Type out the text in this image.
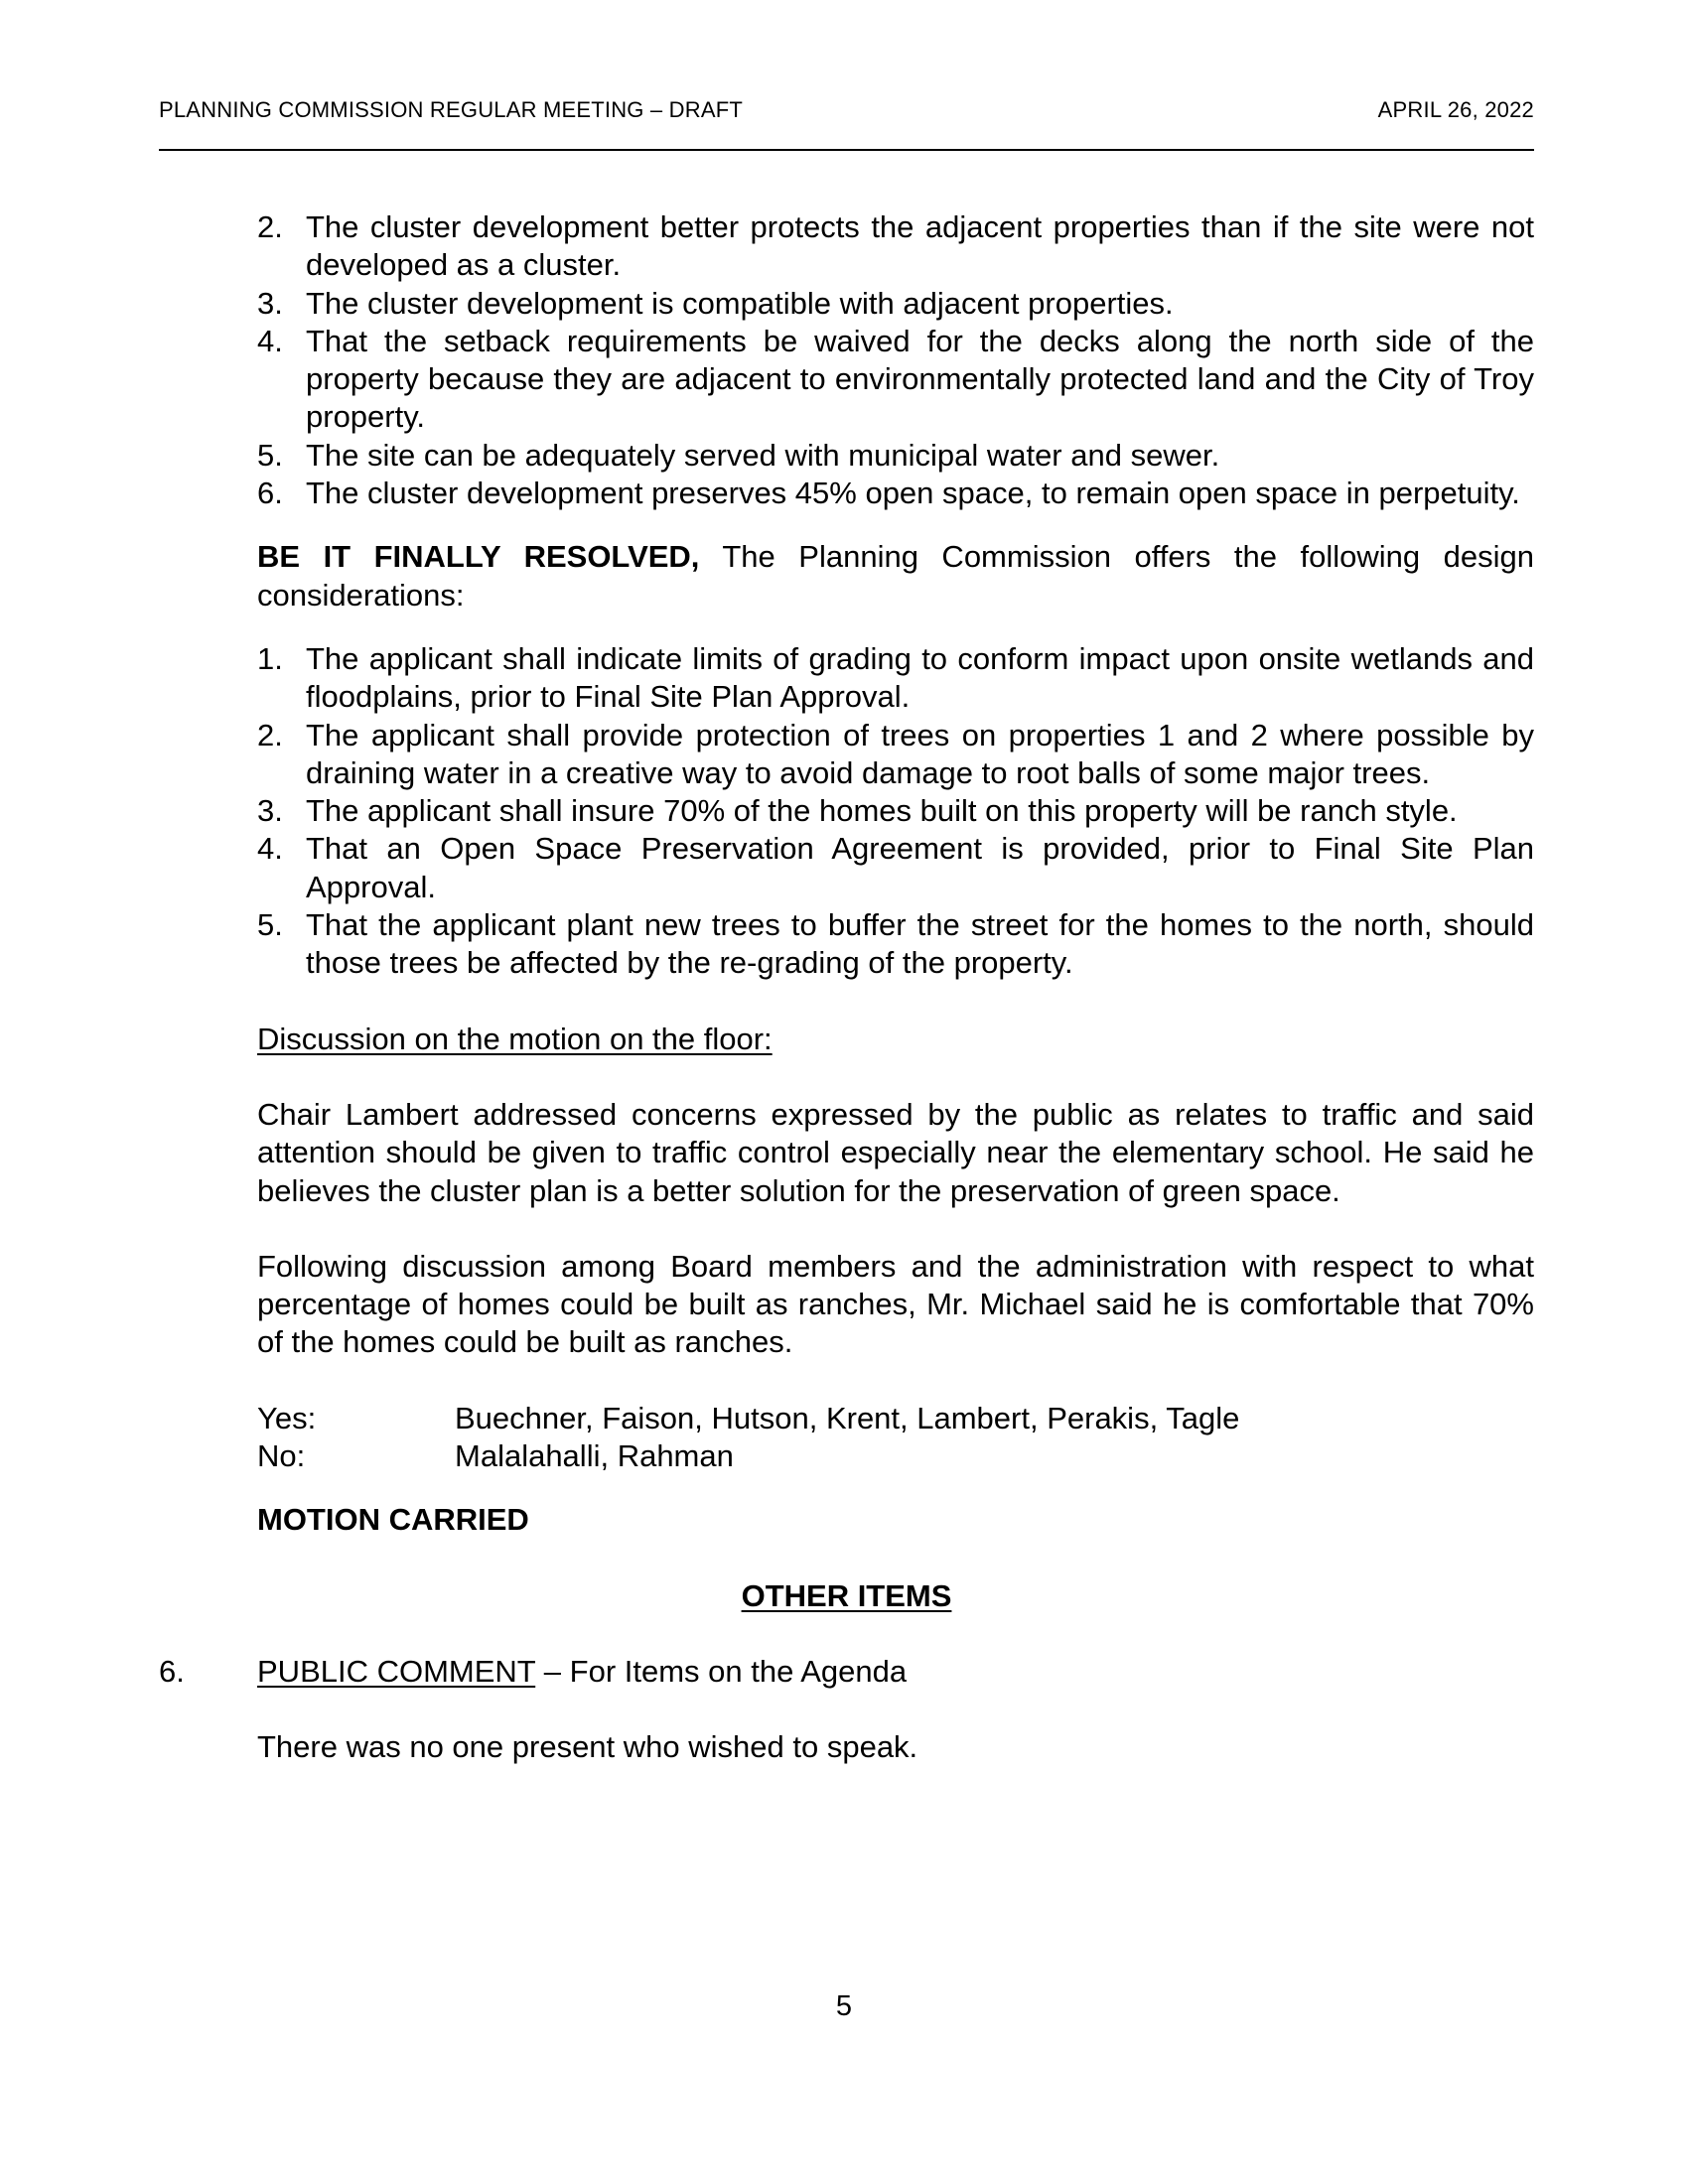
PLANNING COMMISSION REGULAR MEETING – DRAFT	APRIL 26, 2022
2. The cluster development better protects the adjacent properties than if the site were not developed as a cluster.
3. The cluster development is compatible with adjacent properties.
4. That the setback requirements be waived for the decks along the north side of the property because they are adjacent to environmentally protected land and the City of Troy property.
5. The site can be adequately served with municipal water and sewer.
6. The cluster development preserves 45% open space, to remain open space in perpetuity.

BE IT FINALLY RESOLVED, The Planning Commission offers the following design considerations:

1. The applicant shall indicate limits of grading to conform impact upon onsite wetlands and floodplains, prior to Final Site Plan Approval.
2. The applicant shall provide protection of trees on properties 1 and 2 where possible by draining water in a creative way to avoid damage to root balls of some major trees.
3. The applicant shall insure 70% of the homes built on this property will be ranch style.
4. That an Open Space Preservation Agreement is provided, prior to Final Site Plan Approval.
5. That the applicant plant new trees to buffer the street for the homes to the north, should those trees be affected by the re-grading of the property.
Discussion on the motion on the floor:

Chair Lambert addressed concerns expressed by the public as relates to traffic and said attention should be given to traffic control especially near the elementary school. He said he believes the cluster plan is a better solution for the preservation of green space.

Following discussion among Board members and the administration with respect to what percentage of homes could be built as ranches, Mr. Michael said he is comfortable that 70% of the homes could be built as ranches.

Yes:	Buechner, Faison, Hutson, Krent, Lambert, Perakis, Tagle
No:	Malalahalli, Rahman
MOTION CARRIED
OTHER ITEMS
6. PUBLIC COMMENT – For Items on the Agenda

There was no one present who wished to speak.

5
